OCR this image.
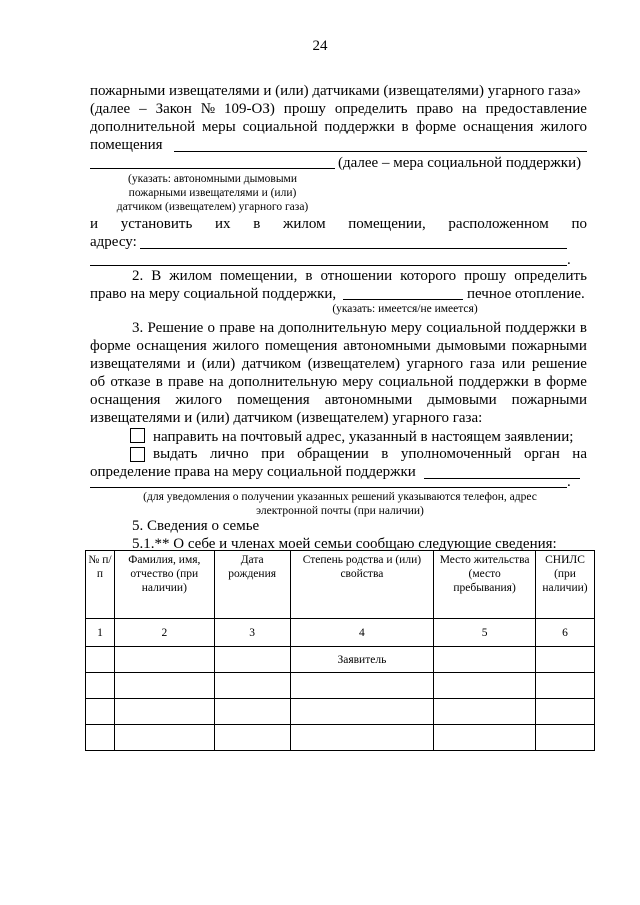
24
пожарными извещателями и (или) датчиками (извещателями) угарного газа»
(далее – Закон № 109-ОЗ) прошу определить право на предоставление
дополнительной меры социальной поддержки в форме оснащения жилого
помещения
(далее – мера социальной поддержки)
(указать: автономными дымовыми
пожарными извещателями и (или)
датчиком (извещателем) угарного газа)
и установить их в жилом помещении, расположенном по
адресу:
.
2. В жилом помещении, в отношении которого прошу определить
право на меру социальной поддержки,	печное отопление.
(указать: имеется/не имеется)
3. Решение о праве на дополнительную меру социальной поддержки в
форме оснащения жилого помещения автономными дымовыми пожарными
извещателями и (или) датчиком (извещателем) угарного газа или решение
об отказе в праве на дополнительную меру социальной поддержки в форме
оснащения жилого помещения автономными дымовыми пожарными
извещателями и (или) датчиком (извещателем) угарного газа:
направить на почтовый адрес, указанный в настоящем заявлении;
выдать лично при обращении в уполномоченный орган на
определение права на меру социальной поддержки
.
(для уведомления о получении указанных решений указываются телефон, адрес
электронной почты (при наличии)
5. Сведения о семье
5.1.** О себе и членах моей семьи сообщаю следующие сведения:
№ п/п	Фамилия, имя, отчество (при наличии)	Дата рождения	Степень родства и (или) свойства	Место жительства (место пребывания)	СНИЛС (при наличии)
1	2	3	4	5	6
			Заявитель		
